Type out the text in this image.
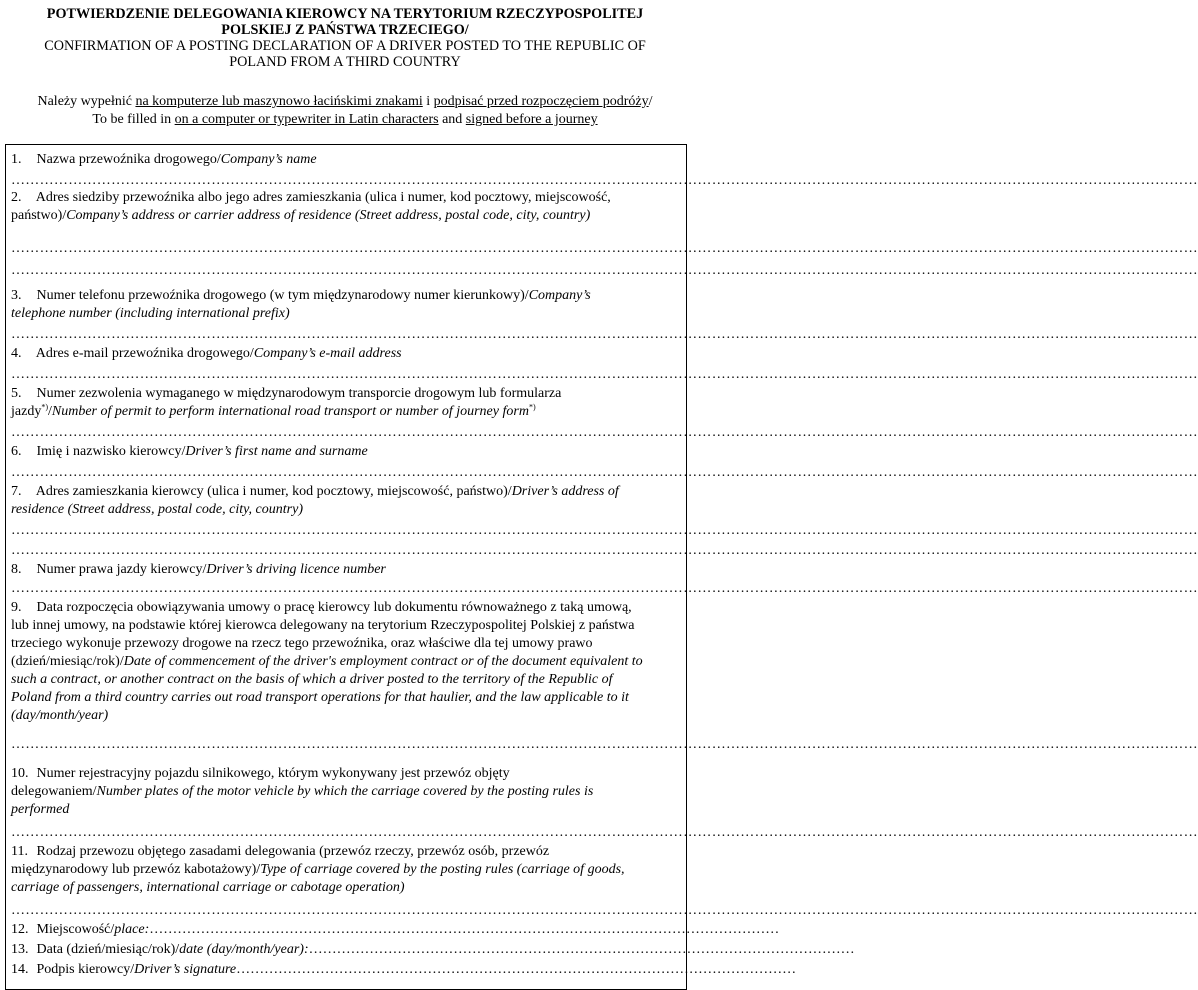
POTWIERDZENIE DELEGOWANIA KIEROWCY NA TERYTORIUM RZECZYPOSPOLITEJ
POLSKIEJ Z PAŃSTWA TRZECIEGO/
CONFIRMATION OF A POSTING DECLARATION OF A DRIVER POSTED TO THE REPUBLIC OF
POLAND FROM A THIRD COUNTRY
Należy wypełnić na komputerze lub maszynowo łacińskimi znakami i podpisać przed rozpoczęciem podróży/
To be filled in on a computer or typewriter in Latin characters and signed before a journey
1. Nazwa przewoźnika drogowego/Company’s name
……………………………………………………………………………………………………………………………………………………………………………………………………………………………
2. Adres siedziby przewoźnika albo jego adres zamieszkania (ulica i numer, kod pocztowy, miejscowość,
państwo)/Company’s address or carrier address of residence (Street address, postal code, city, country)
……………………………………………………………………………………………………………………………………………………………………………………………………………………………
……………………………………………………………………………………………………………………………………………………………………………………………………………………………
3. Numer telefonu przewoźnika drogowego (w tym międzynarodowy numer kierunkowy)/Company’s
telephone number (including international prefix)
……………………………………………………………………………………………………………………………………………………………………………………………………………………………
4. Adres e-mail przewoźnika drogowego/Company’s e-mail address
……………………………………………………………………………………………………………………………………………………………………………………………………………………………
5. Numer zezwolenia wymaganego w międzynarodowym transporcie drogowym lub formularza
jazdy*)/Number of permit to perform international road transport or number of journey form*)
……………………………………………………………………………………………………………………………………………………………………………………………………………………………
6. Imię i nazwisko kierowcy/Driver’s first name and surname
……………………………………………………………………………………………………………………………………………………………………………………………………………………………
7. Adres zamieszkania kierowcy (ulica i numer, kod pocztowy, miejscowość, państwo)/Driver’s address of
residence (Street address, postal code, city, country)
……………………………………………………………………………………………………………………………………………………………………………………………………………………………
……………………………………………………………………………………………………………………………………………………………………………………………………………………………
8. Numer prawa jazdy kierowcy/Driver’s driving licence number
……………………………………………………………………………………………………………………………………………………………………………………………………………………………
9. Data rozpoczęcia obowiązywania umowy o pracę kierowcy lub dokumentu równoważnego z taką umową,
lub innej umowy, na podstawie której kierowca delegowany na terytorium Rzeczypospolitej Polskiej z państwa
trzeciego wykonuje przewozy drogowe na rzecz tego przewoźnika, oraz właściwe dla tej umowy prawo
(dzień/miesiąc/rok)/Date of commencement of the driver's employment contract or of the document equivalent to
such a contract, or another contract on the basis of which a driver posted to the territory of the Republic of
Poland from a third country carries out road transport operations for that haulier, and the law applicable to it
(day/month/year)
……………………………………………………………………………………………………………………………………………………………………………………………………………………………
10. Numer rejestracyjny pojazdu silnikowego, którym wykonywany jest przewóz objęty
delegowaniem/Number plates of the motor vehicle by which the carriage covered by the posting rules is
performed
……………………………………………………………………………………………………………………………………………………………………………………………………………………………
11. Rodzaj przewozu objętego zasadami delegowania (przewóz rzeczy, przewóz osób, przewóz
międzynarodowy lub przewóz kabotażowy)/Type of carriage covered by the posting rules (carriage of goods,
carriage of passengers, international carriage or cabotage operation)
……………………………………………………………………………………………………………………………………………………………………………………………………………………………
12. Miejscowość/place:………………………………………………………………………………………………………………………
13. Data (dzień/miesiąc/rok)/date (day/month/year):………………………………………………………………………………………………………
14. Podpis kierowcy/Driver’s signature…………………………………………………………………………………………………………
